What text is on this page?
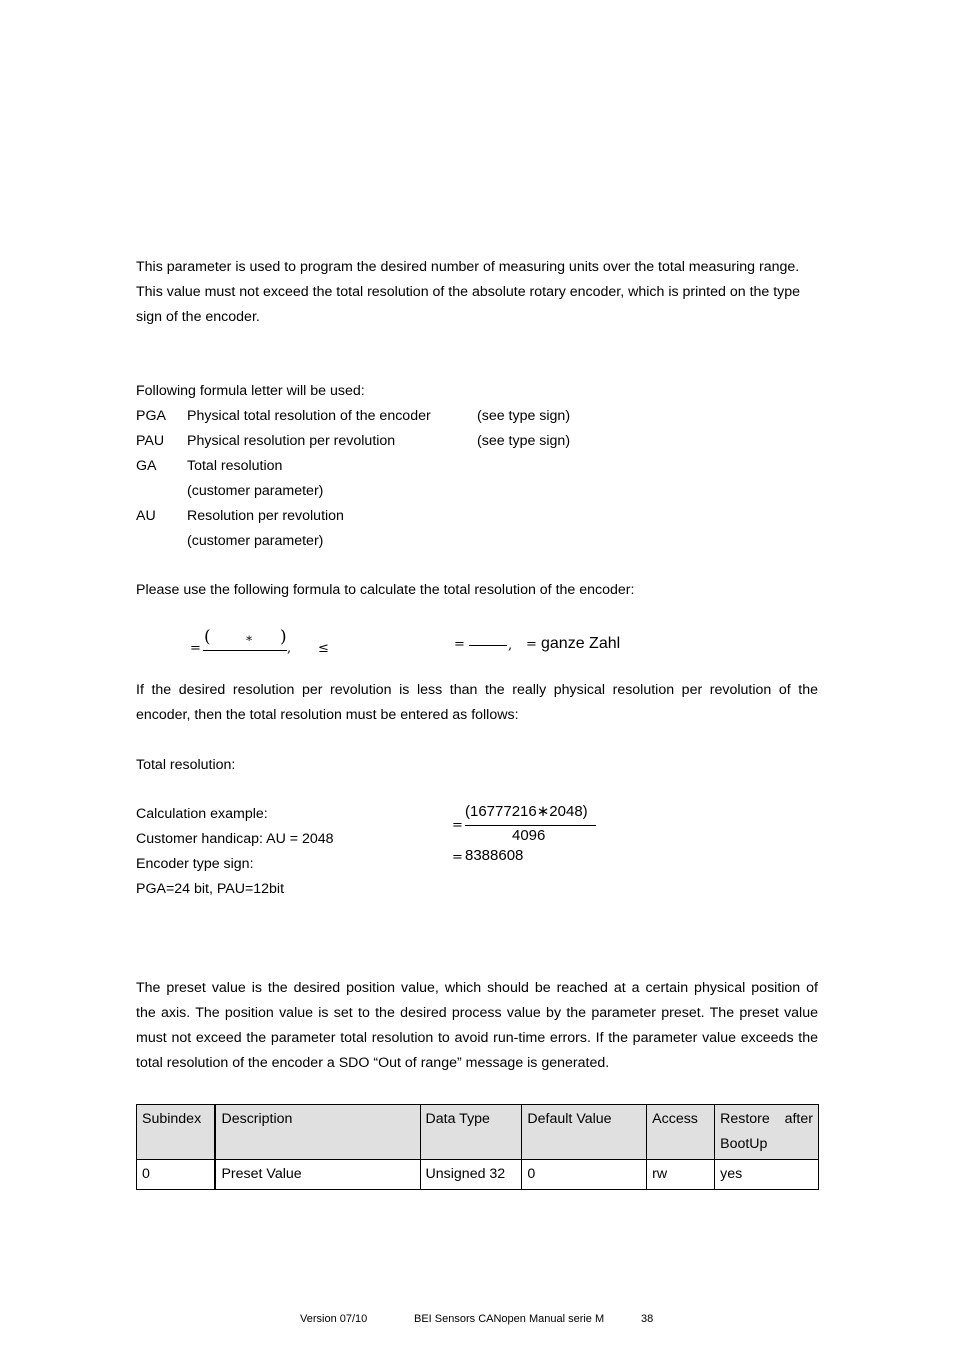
This parameter is used to program the desired number of measuring units over the total measuring range.
This value must not exceed the total resolution of the absolute rotary encoder, which is printed on the type
sign of the encoder.
Following formula letter will be used:
PGA Physical total resolution of the encoder	(see type sign)
PAU Physical resolution per revolution	(see type sign)
GA Total resolution
(customer parameter)
AU Resolution per revolution
(customer parameter)
Please use the following formula to calculate the total resolution of the encoder:
=
(	∗ )
, ≤	=	, = ganze Zahl
If the desired resolution per revolution is less than the really physical resolution per revolution of the
encoder, then the total resolution must be entered as follows:
Total resolution:
Calculation example:
Customer handicap: AU = 2048
Encoder type sign:
PGA=24 bit, PAU=12bit
=
(16777216∗2048)
4096
= 8388608
The preset value is the desired position value, which should be reached at a certain physical position of
the axis. The position value is set to the desired process value by the parameter preset. The preset value
must not exceed the parameter total resolution to avoid run-time errors. If the parameter value exceeds the
total resolution of the encoder a SDO “Out of range” message is generated.
Subindex	Description	Data Type	Default Value	Access	Restore after
BootUp

0	Preset Value	Unsigned 32	0	rw	yes
Version 07/10	BEI Sensors CANopen Manual serie M	38
